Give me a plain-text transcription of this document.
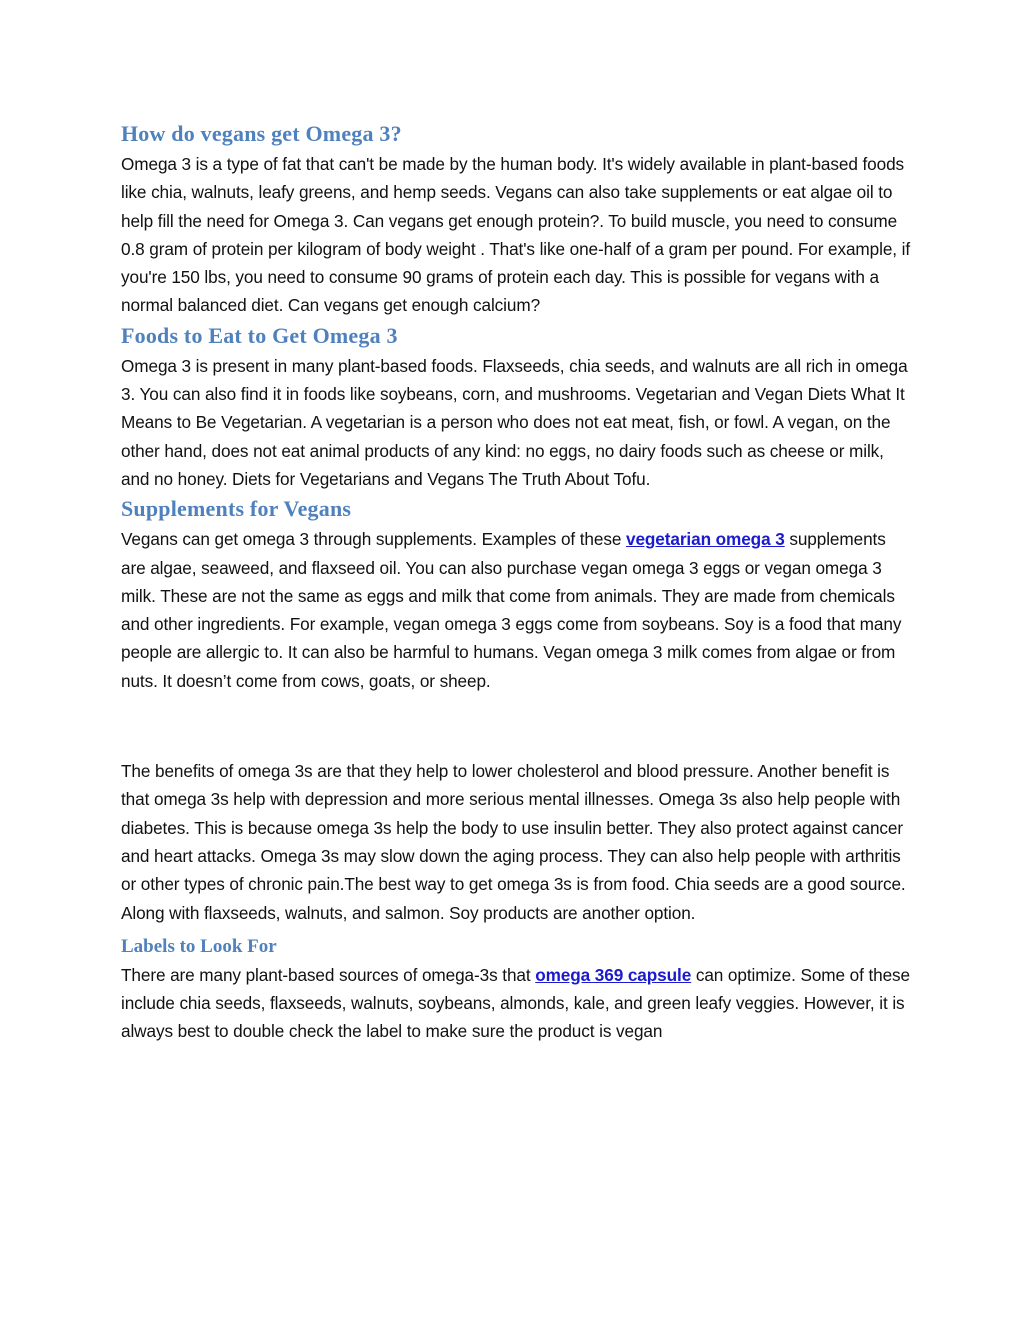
How do vegans get Omega 3?

Omega 3 is a type of fat that can't be made by the human body. It's widely available in plant-based foods like chia, walnuts, leafy greens, and hemp seeds. Vegans can also take supplements or eat algae oil to help fill the need for Omega 3. Can vegans get enough protein?. To build muscle, you need to consume 0.8 gram of protein per kilogram of body weight . That's like one-half of a gram per pound. For example, if you're 150 lbs, you need to consume 90 grams of protein each day. This is possible for vegans with a normal balanced diet. Can vegans get enough calcium?

Foods to Eat to Get Omega 3

Omega 3 is present in many plant-based foods. Flaxseeds, chia seeds, and walnuts are all rich in omega 3. You can also find it in foods like soybeans, corn, and mushrooms. Vegetarian and Vegan Diets What It Means to Be Vegetarian. A vegetarian is a person who does not eat meat, fish, or fowl. A vegan, on the other hand, does not eat animal products of any kind: no eggs, no dairy foods such as cheese or milk, and no honey. Diets for Vegetarians and Vegans The Truth About Tofu.

Supplements for Vegans

Vegans can get omega 3 through supplements. Examples of these vegetarian omega 3 supplements are algae, seaweed, and flaxseed oil. You can also purchase vegan omega 3 eggs or vegan omega 3 milk. These are not the same as eggs and milk that come from animals. They are made from chemicals and other ingredients. For example, vegan omega 3 eggs come from soybeans. Soy is a food that many people are allergic to. It can also be harmful to humans. Vegan omega 3 milk comes from algae or from nuts. It doesn’t come from cows, goats, or sheep.

The benefits of omega 3s are that they help to lower cholesterol and blood pressure. Another benefit is that omega 3s help with depression and more serious mental illnesses. Omega 3s also help people with diabetes. This is because omega 3s help the body to use insulin better. They also protect against cancer and heart attacks. Omega 3s may slow down the aging process. They can also help people with arthritis or other types of chronic pain.The best way to get omega 3s is from food. Chia seeds are a good source. Along with flaxseeds, walnuts, and salmon. Soy products are another option.

Labels to Look For

There are many plant-based sources of omega-3s that omega 369 capsule can optimize. Some of these include chia seeds, flaxseeds, walnuts, soybeans, almonds, kale, and green leafy veggies. However, it is always best to double check the label to make sure the product is vegan
